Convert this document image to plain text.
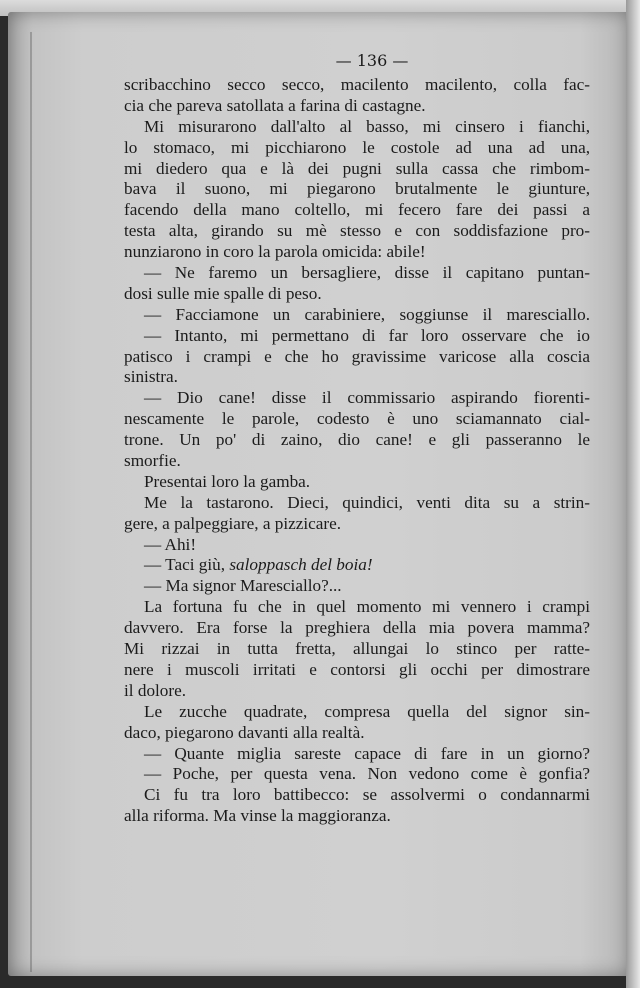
— 136 —
scribacchino secco secco, macilento macilento, colla fac-
cia che pareva satollata a farina di castagne.
Mi misurarono dall'alto al basso, mi cinsero i fianchi,
lo stomaco, mi picchiarono le costole ad una ad una,
mi diedero qua e là dei pugni sulla cassa che rimbom-
bava il suono, mi piegarono brutalmente le giunture,
facendo della mano coltello, mi fecero fare dei passi a
testa alta, girando su mè stesso e con soddisfazione pro-
nunziarono in coro la parola omicida: abile!
— Ne faremo un bersagliere, disse il capitano puntan-
dosi sulle mie spalle di peso.
— Facciamone un carabiniere, soggiunse il maresciallo.
— Intanto, mi permettano di far loro osservare che io
patisco i crampi e che ho gravissime varicose alla coscia
sinistra.
— Dio cane! disse il commissario aspirando fiorenti-
nescamente le parole, codesto è uno sciamannato cial-
trone. Un po' di zaino, dio cane! e gli passeranno le
smorfie.
Presentai loro la gamba.
Me la tastarono. Dieci, quindici, venti dita su a strin-
gere, a palpeggiare, a pizzicare.
— Ahi!
— Taci giù, saloppasch del boia!
— Ma signor Maresciallo?...
La fortuna fu che in quel momento mi vennero i crampi
davvero. Era forse la preghiera della mia povera mamma?
Mi rizzai in tutta fretta, allungai lo stinco per ratte-
nere i muscoli irritati e contorsi gli occhi per dimostrare
il dolore.
Le zucche quadrate, compresa quella del signor sin-
daco, piegarono davanti alla realtà.
— Quante miglia sareste capace di fare in un giorno?
— Poche, per questa vena. Non vedono come è gonfia?
Ci fu tra loro battibecco: se assolvermi o condannarmi
alla riforma. Ma vinse la maggioranza.
